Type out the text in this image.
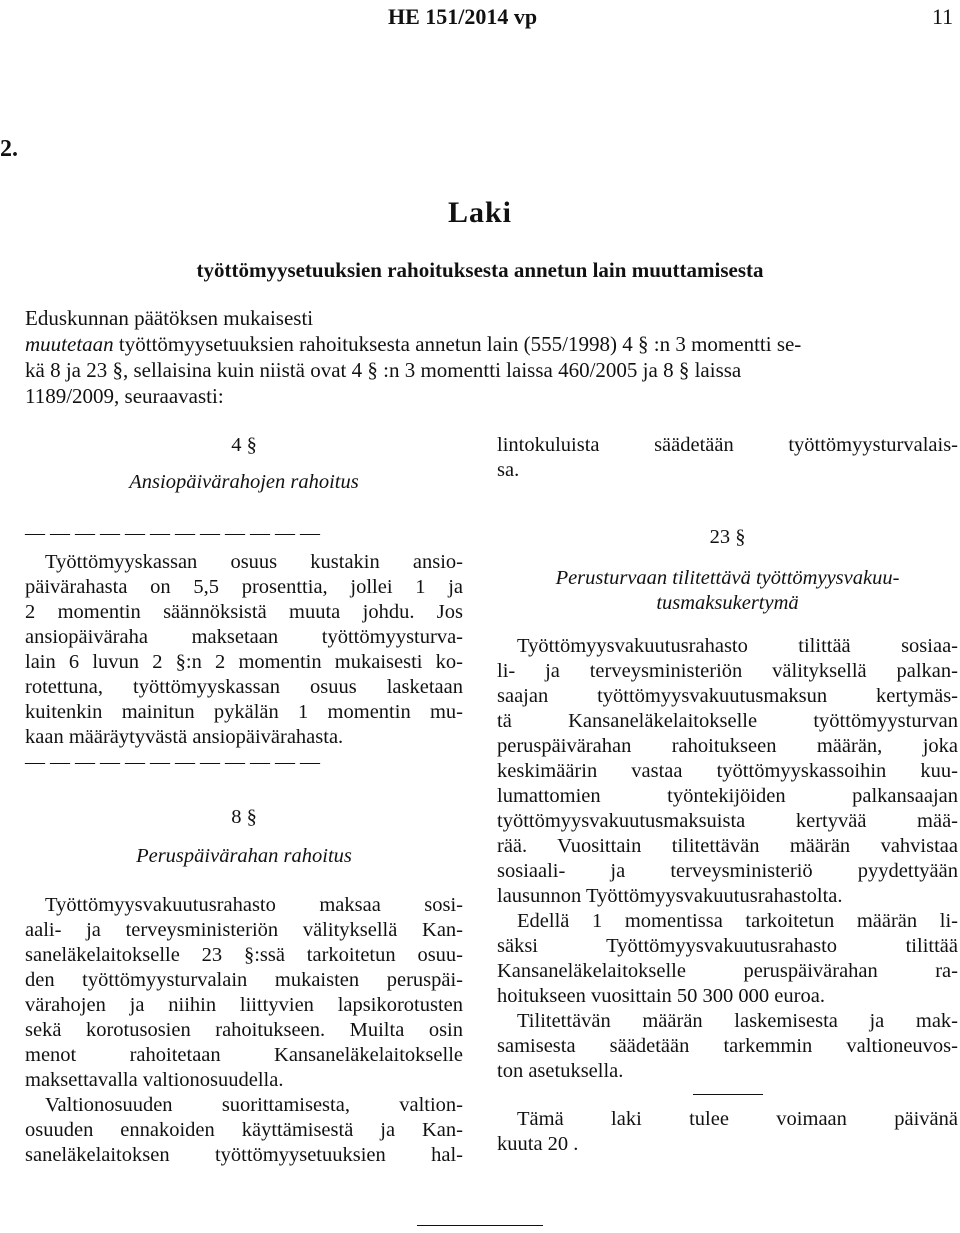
HE 151/2014 vp	11
2.
Laki
työttömyysetuuksien rahoituksesta annetun lain muuttamisesta
Eduskunnan päätöksen mukaisesti
muutetaan työttömyysetuuksien rahoituksesta annetun lain (555/1998) 4 § :n 3 momentti se-
kä 8 ja 23 §, sellaisina kuin niistä ovat 4 § :n 3 momentti laissa 460/2005 ja 8 § laissa
1189/2009, seuraavasti:
4 §
Ansiopäivärahojen rahoitus
— — — — — — — — — — — —
Työttömyyskassan osuus kustakin ansio-
päivärahasta on 5,5 prosenttia, jollei 1 ja
2 momentin säännöksistä muuta johdu. Jos
ansiopäiväraha maksetaan työttömyysturva-
lain 6 luvun 2 §:n 2 momentin mukaisesti ko-
rotettuna, työttömyyskassan osuus lasketaan
kuitenkin mainitun pykälän 1 momentin mu-
kaan määräytyvästä ansiopäivärahasta.
— — — — — — — — — — — —
8 §
Peruspäivärahan rahoitus
Työttömyysvakuutusrahasto maksaa sosi-
aali- ja terveysministeriön välityksellä Kan-
saneläkelaitokselle 23 §:ssä tarkoitetun osuu-
den työttömyysturvalain mukaisten peruspäi-
värahojen ja niihin liittyvien lapsikorotusten
sekä korotusosien rahoitukseen. Muilta osin
menot rahoitetaan Kansaneläkelaitokselle
maksettavalla valtionosuudella.
Valtionosuuden suorittamisesta, valtion-
osuuden ennakoiden käyttämisestä ja Kan-
saneläkelaitoksen työttömyysetuuksien hal-
lintokuluista säädetään työttömyysturvalais-
sa.
23 §
Perusturvaan tilitettävä työttömyysvakuu-
tusmaksukertymä
Työttömyysvakuutusrahasto tilittää sosiaa-
li- ja terveysministeriön välityksellä palkan-
saajan työttömyysvakuutusmaksun kertymäs-
tä Kansaneläkelaitokselle työttömyysturvan
peruspäivärahan rahoitukseen määrän, joka
keskimäärin vastaa työttömyyskassoihin kuu-
lumattomien työntekijöiden palkansaajan
työttömyysvakuutusmaksuista kertyvää mää-
rää. Vuosittain tilitettävän määrän vahvistaa
sosiaali- ja terveysministeriö pyydettyään
lausunnon Työttömyysvakuutusrahastolta.
Edellä 1 momentissa tarkoitetun määrän li-
säksi Työttömyysvakuutusrahasto tilittää
Kansaneläkelaitokselle peruspäivärahan ra-
hoitukseen vuosittain 50 300 000 euroa.
Tilitettävän määrän laskemisesta ja mak-
samisesta säädetään tarkemmin valtioneuvos-
ton asetuksella.
Tämä laki tulee voimaan päivänä
kuuta 20 .
